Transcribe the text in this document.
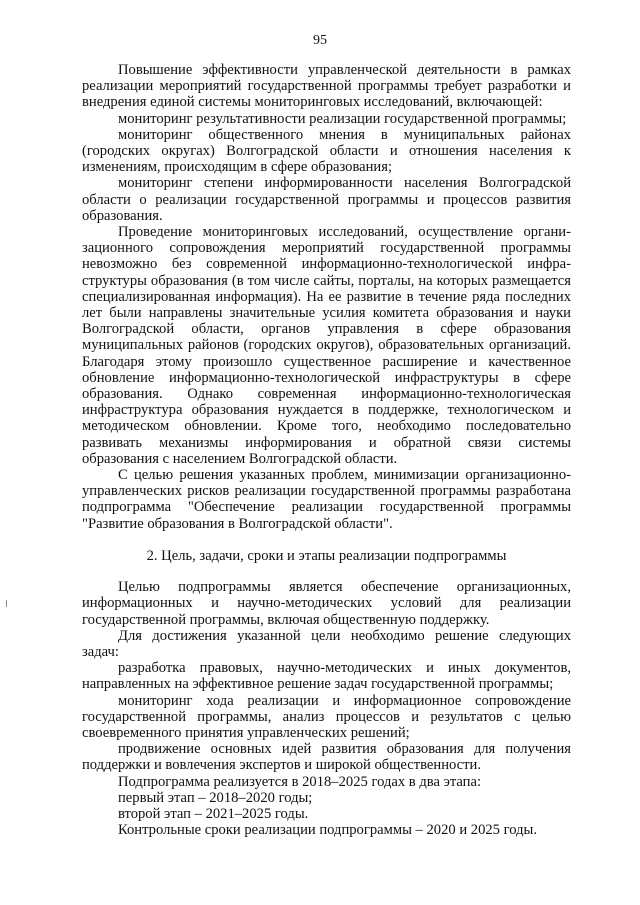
95

Повышение эффективности управленческой деятельности в рамках реализации мероприятий государственной программы требует разработки и внедрения единой системы мониторинговых исследований, включающей:

мониторинг результативности реализации государственной программы;

мониторинг общественного мнения в муниципальных районах (городских округах) Волгоградской области и отношения населения к изменениям, происходящим в сфере образования;

мониторинг степени информированности населения Волгоградской области о реализации государственной программы и процессов развития образования.

Проведение мониторинговых исследований, осуществление организационного сопровождения мероприятий государственной программы невозможно без современной информационно-технологической инфраструктуры образования (в том числе сайты, порталы, на которых размещается специализированная информация). На ее развитие в течение ряда последних лет были направлены значительные усилия комитета образования и науки Волгоградской области, органов управления в сфере образования муниципальных районов (городских округов), образовательных организаций. Благодаря этому произошло существенное расширение и качественное обновление информационно-технологической инфраструктуры в сфере образования. Однако современная информационно-технологическая инфраструктура образования нуждается в поддержке, технологическом и методическом обновлении. Кроме того, необходимо последовательно развивать механизмы информирования и обратной связи системы образования с населением Волгоградской области.

С целью решения указанных проблем, минимизации организационно-управленческих рисков реализации государственной программы разработана подпрограмма "Обеспечение реализации государственной программы "Развитие образования в Волгоградской области".

2. Цель, задачи, сроки и этапы реализации подпрограммы

Целью подпрограммы является обеспечение организационных, информационных и научно-методических условий для реализации государственной программы, включая общественную поддержку.

Для достижения указанной цели необходимо решение следующих задач:

разработка правовых, научно-методических и иных документов, направленных на эффективное решение задач государственной программы;

мониторинг хода реализации и информационное сопровождение государственной программы, анализ процессов и результатов с целью своевременного принятия управленческих решений;

продвижение основных идей развития образования для получения поддержки и вовлечения экспертов и широкой общественности.

Подпрограмма реализуется в 2018–2025 годах в два этапа:

первый этап – 2018–2020 годы;

второй этап – 2021–2025 годы.

Контрольные сроки реализации подпрограммы – 2020 и 2025 годы.
